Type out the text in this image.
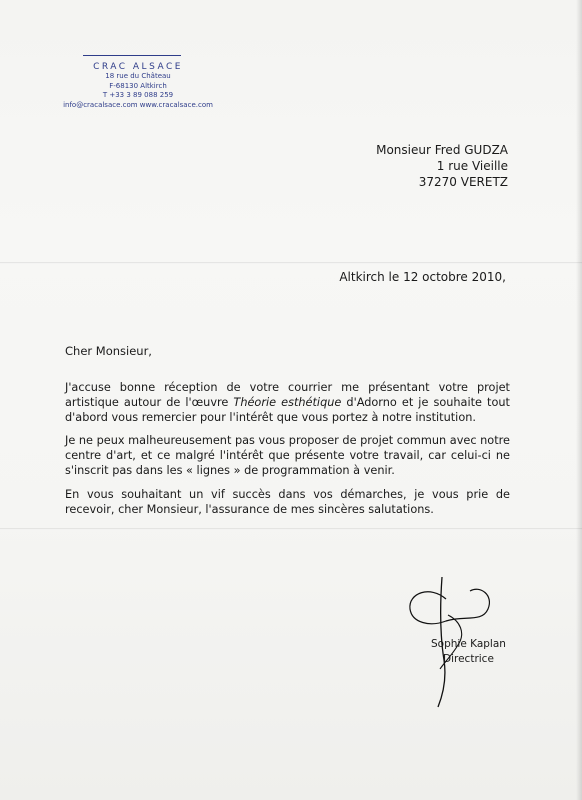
CRAC ALSACE
18 rue du Château
F-68130 Altkirch
T +33 3 89 088 259
info@cracalsace.com www.cracalsace.com
Monsieur Fred GUDZA
1 rue Vieille
37270 VERETZ
Altkirch le 12 octobre 2010,
Cher Monsieur,
J'accuse bonne réception de votre courrier me présentant votre projet artistique autour de l'œuvre Théorie esthétique d'Adorno et je souhaite tout d'abord vous remercier pour l'intérêt que vous portez à notre institution.
Je ne peux malheureusement pas vous proposer de projet commun avec notre centre d'art, et ce malgré l'intérêt que présente votre travail, car celui-ci ne s'inscrit pas dans les « lignes » de programmation à venir.
En vous souhaitant un vif succès dans vos démarches, je vous prie de recevoir, cher Monsieur, l'assurance de mes sincères salutations.
Sophie Kaplan
Directrice
